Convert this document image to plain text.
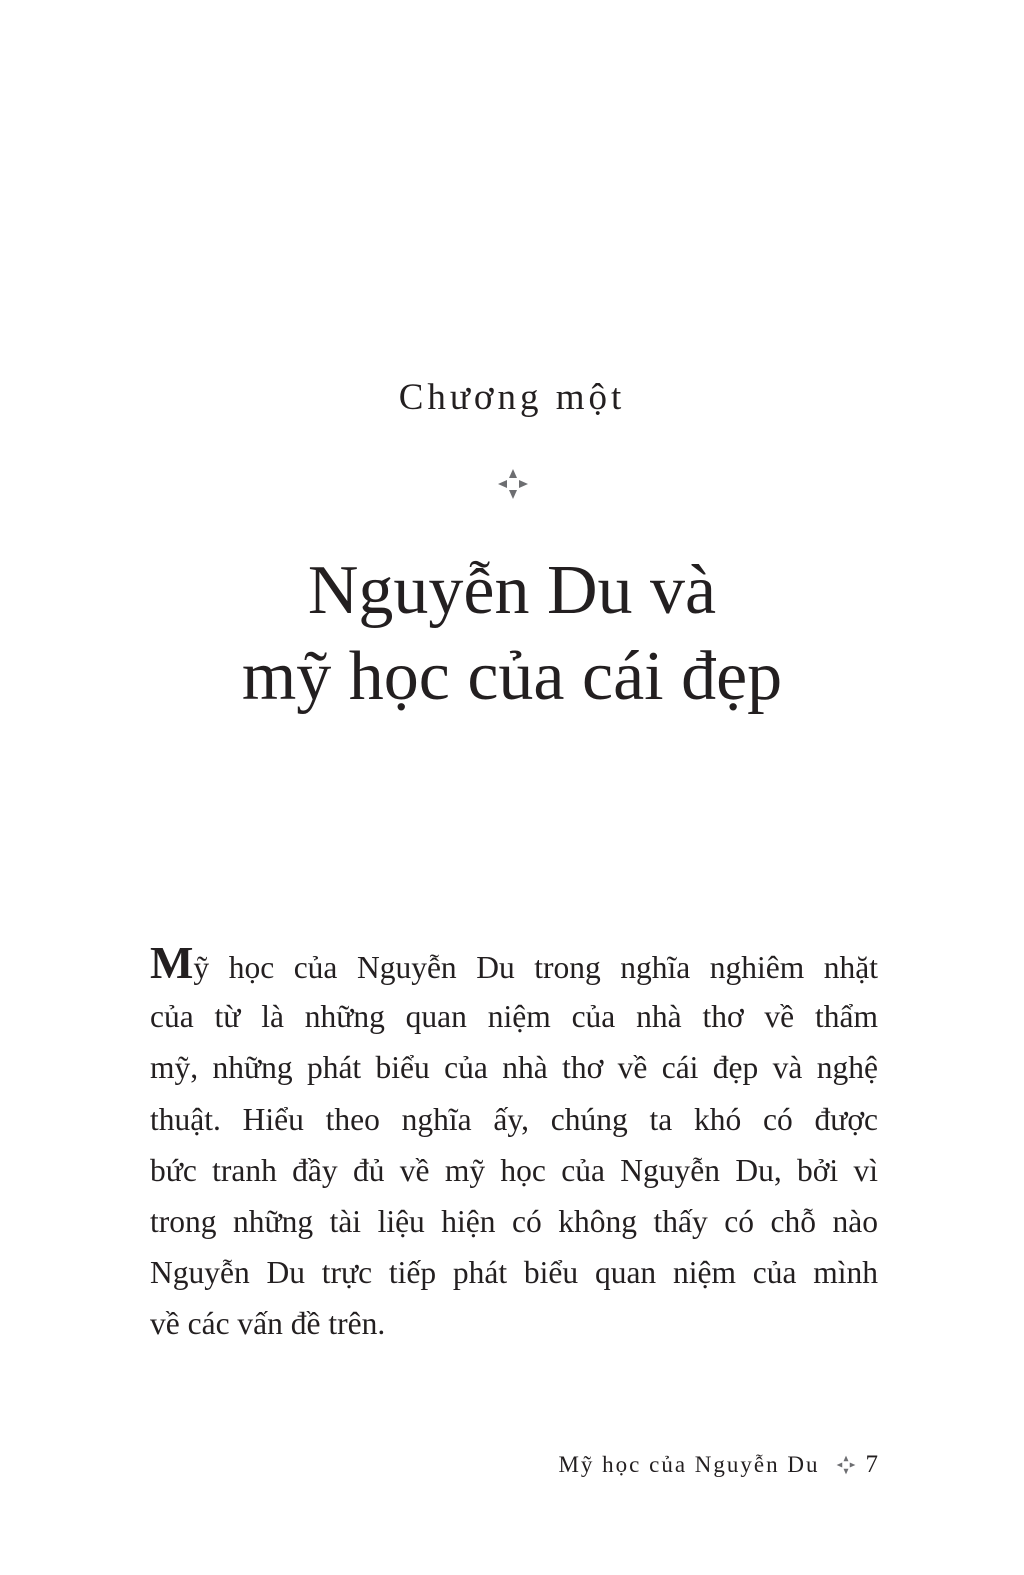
Chương một
Nguyễn Du và
mỹ học của cái đẹp
Mỹ học của Nguyễn Du trong nghĩa nghiêm nhặt
của từ là những quan niệm của nhà thơ về thẩm
mỹ, những phát biểu của nhà thơ về cái đẹp và nghệ
thuật. Hiểu theo nghĩa ấy, chúng ta khó có được
bức tranh đầy đủ về mỹ học của Nguyễn Du, bởi vì
trong những tài liệu hiện có không thấy có chỗ nào
Nguyễn Du trực tiếp phát biểu quan niệm của mình
về các vấn đề trên.
Mỹ học của Nguyễn Du 7
